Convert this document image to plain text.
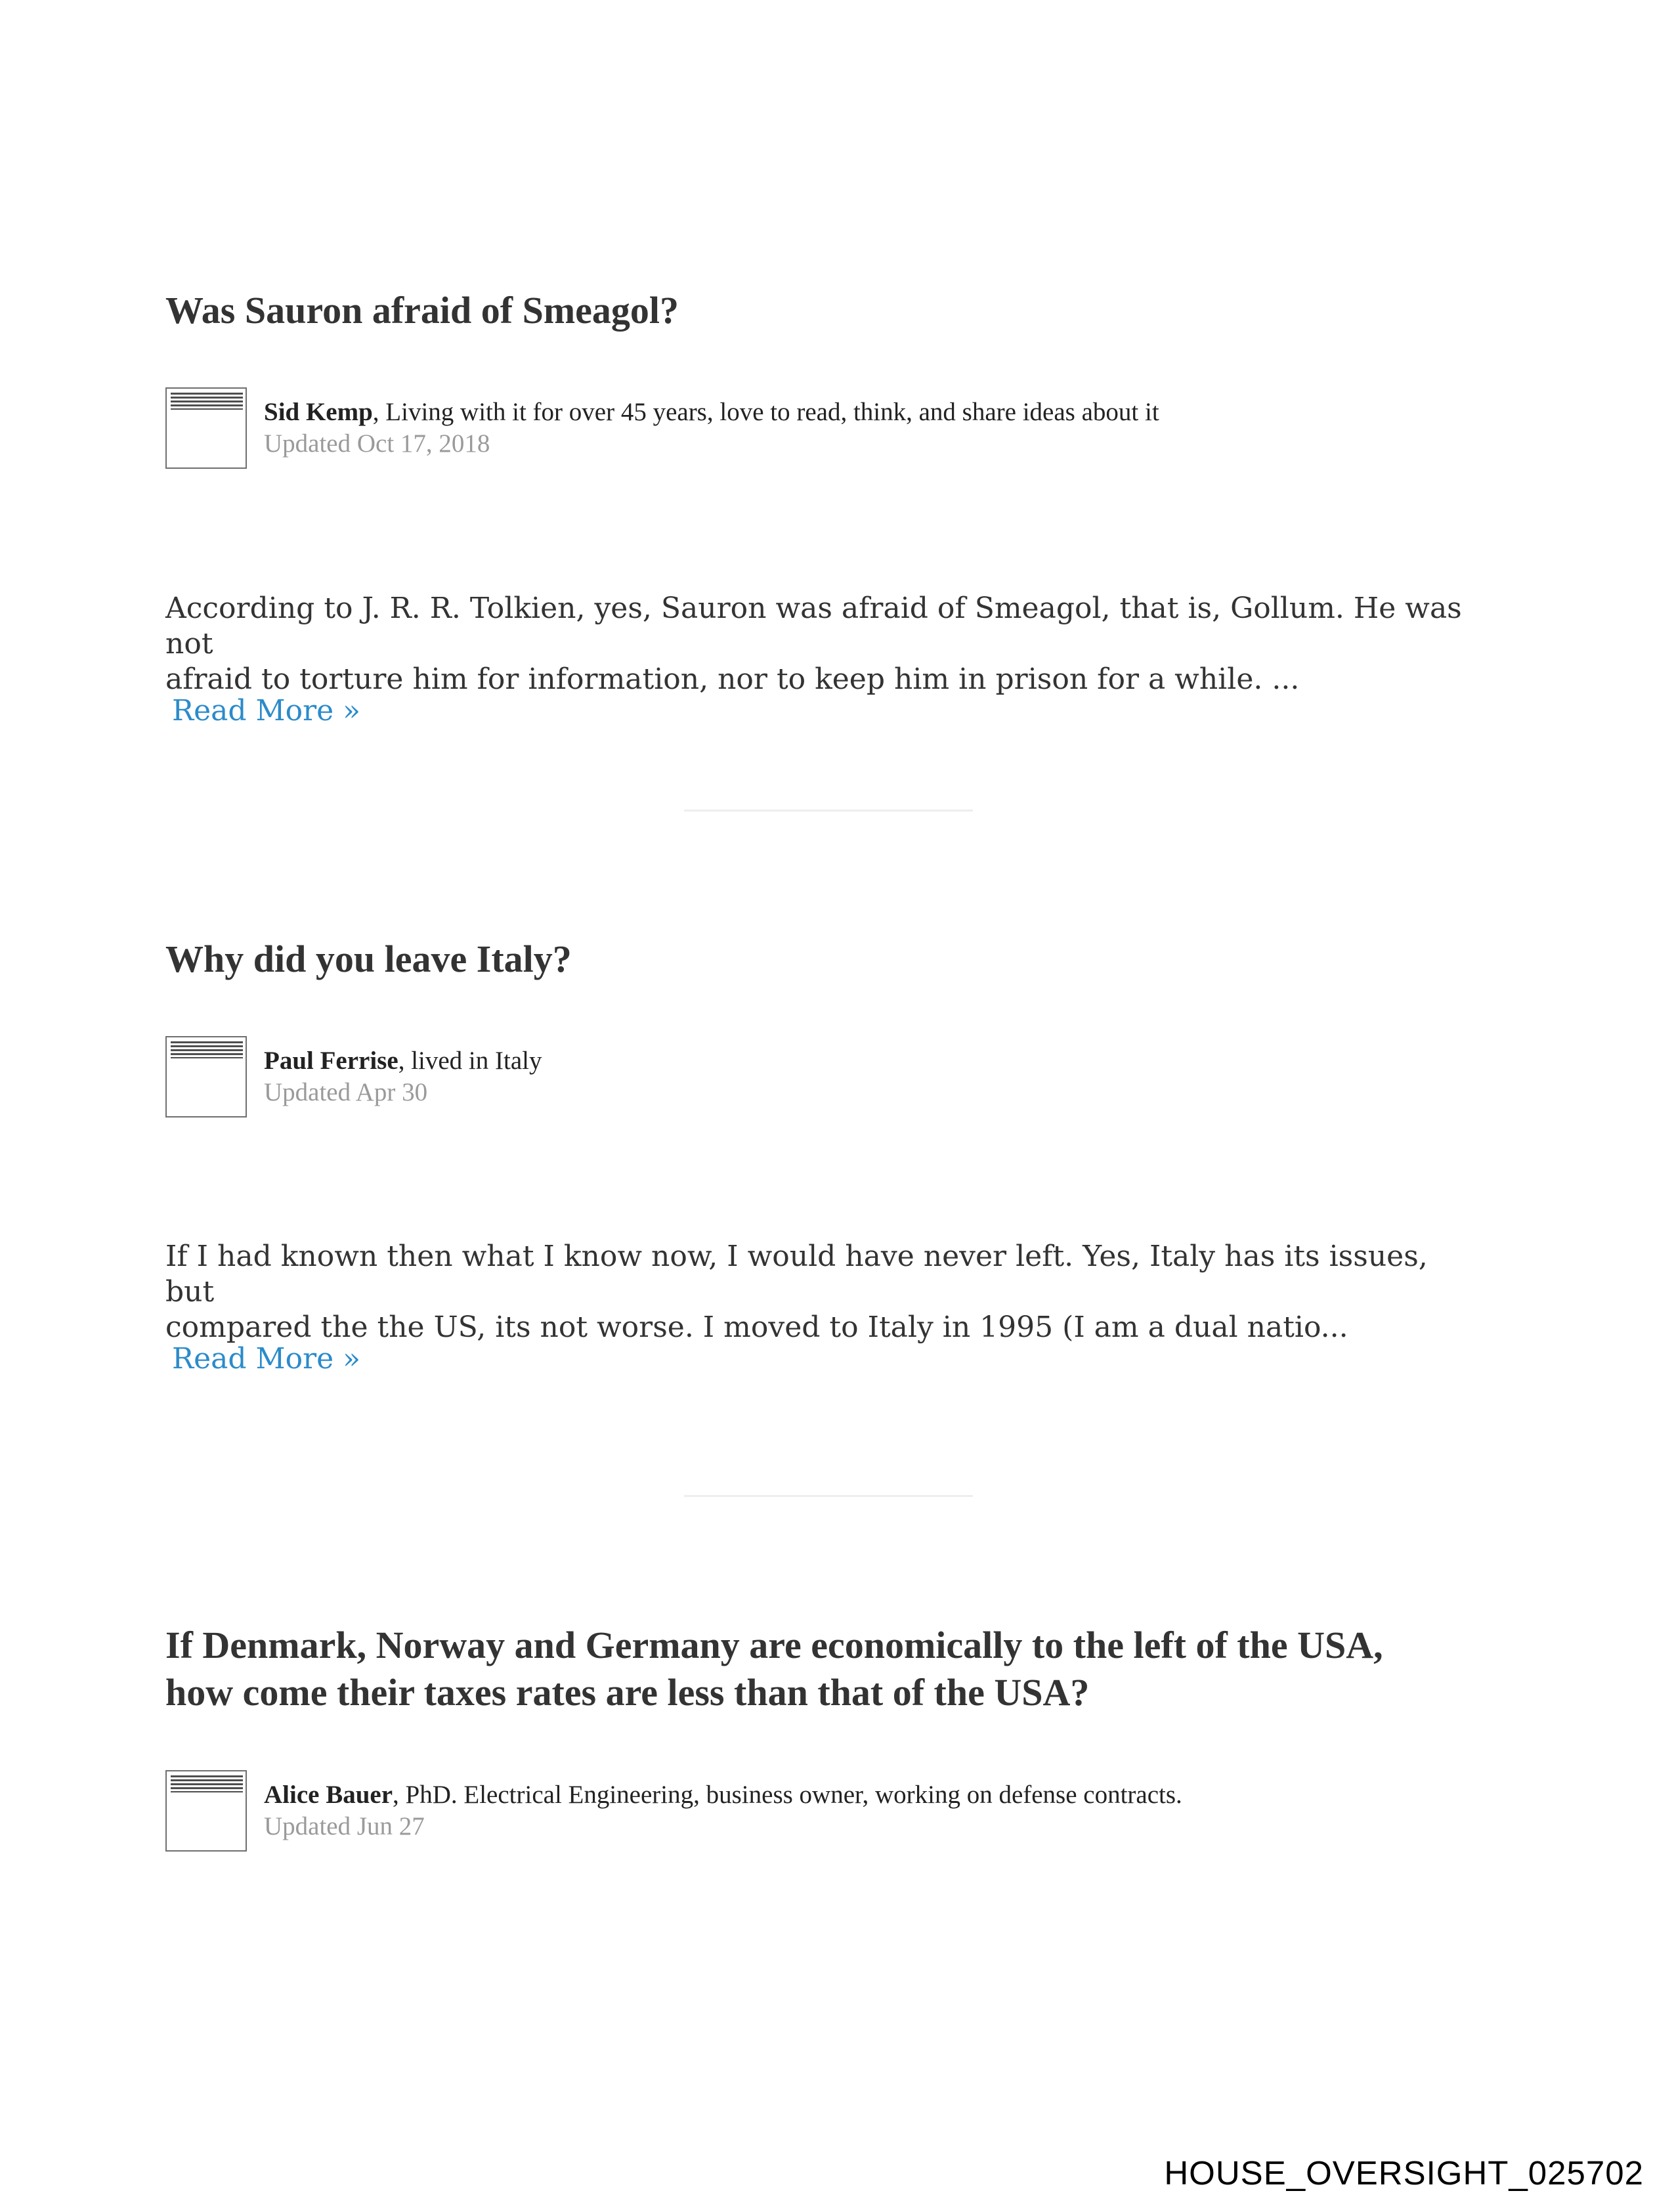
Was Sauron afraid of Smeagol?
Sid Kemp, Living with it for over 45 years, love to read, think, and share ideas about it
Updated Oct 17, 2018

According to J. R. R. Tolkien, yes, Sauron was afraid of Smeagol, that is, Gollum. He was not
afraid to torture him for information, nor to keep him in prison for a while. ...

Read More »
Why did you leave Italy?
Paul Ferrise, lived in Italy
Updated Apr 30

If I had known then what I know now, I would have never left. Yes, Italy has its issues, but
compared the the US, its not worse. I moved to Italy in 1995 (I am a dual natio...

Read More »
If Denmark, Norway and Germany are economically to the left of the USA,
how come their taxes rates are less than that of the USA?
Alice Bauer, PhD. Electrical Engineering, business owner, working on defense contracts.
Updated Jun 27
HOUSE_OVERSIGHT_025702
